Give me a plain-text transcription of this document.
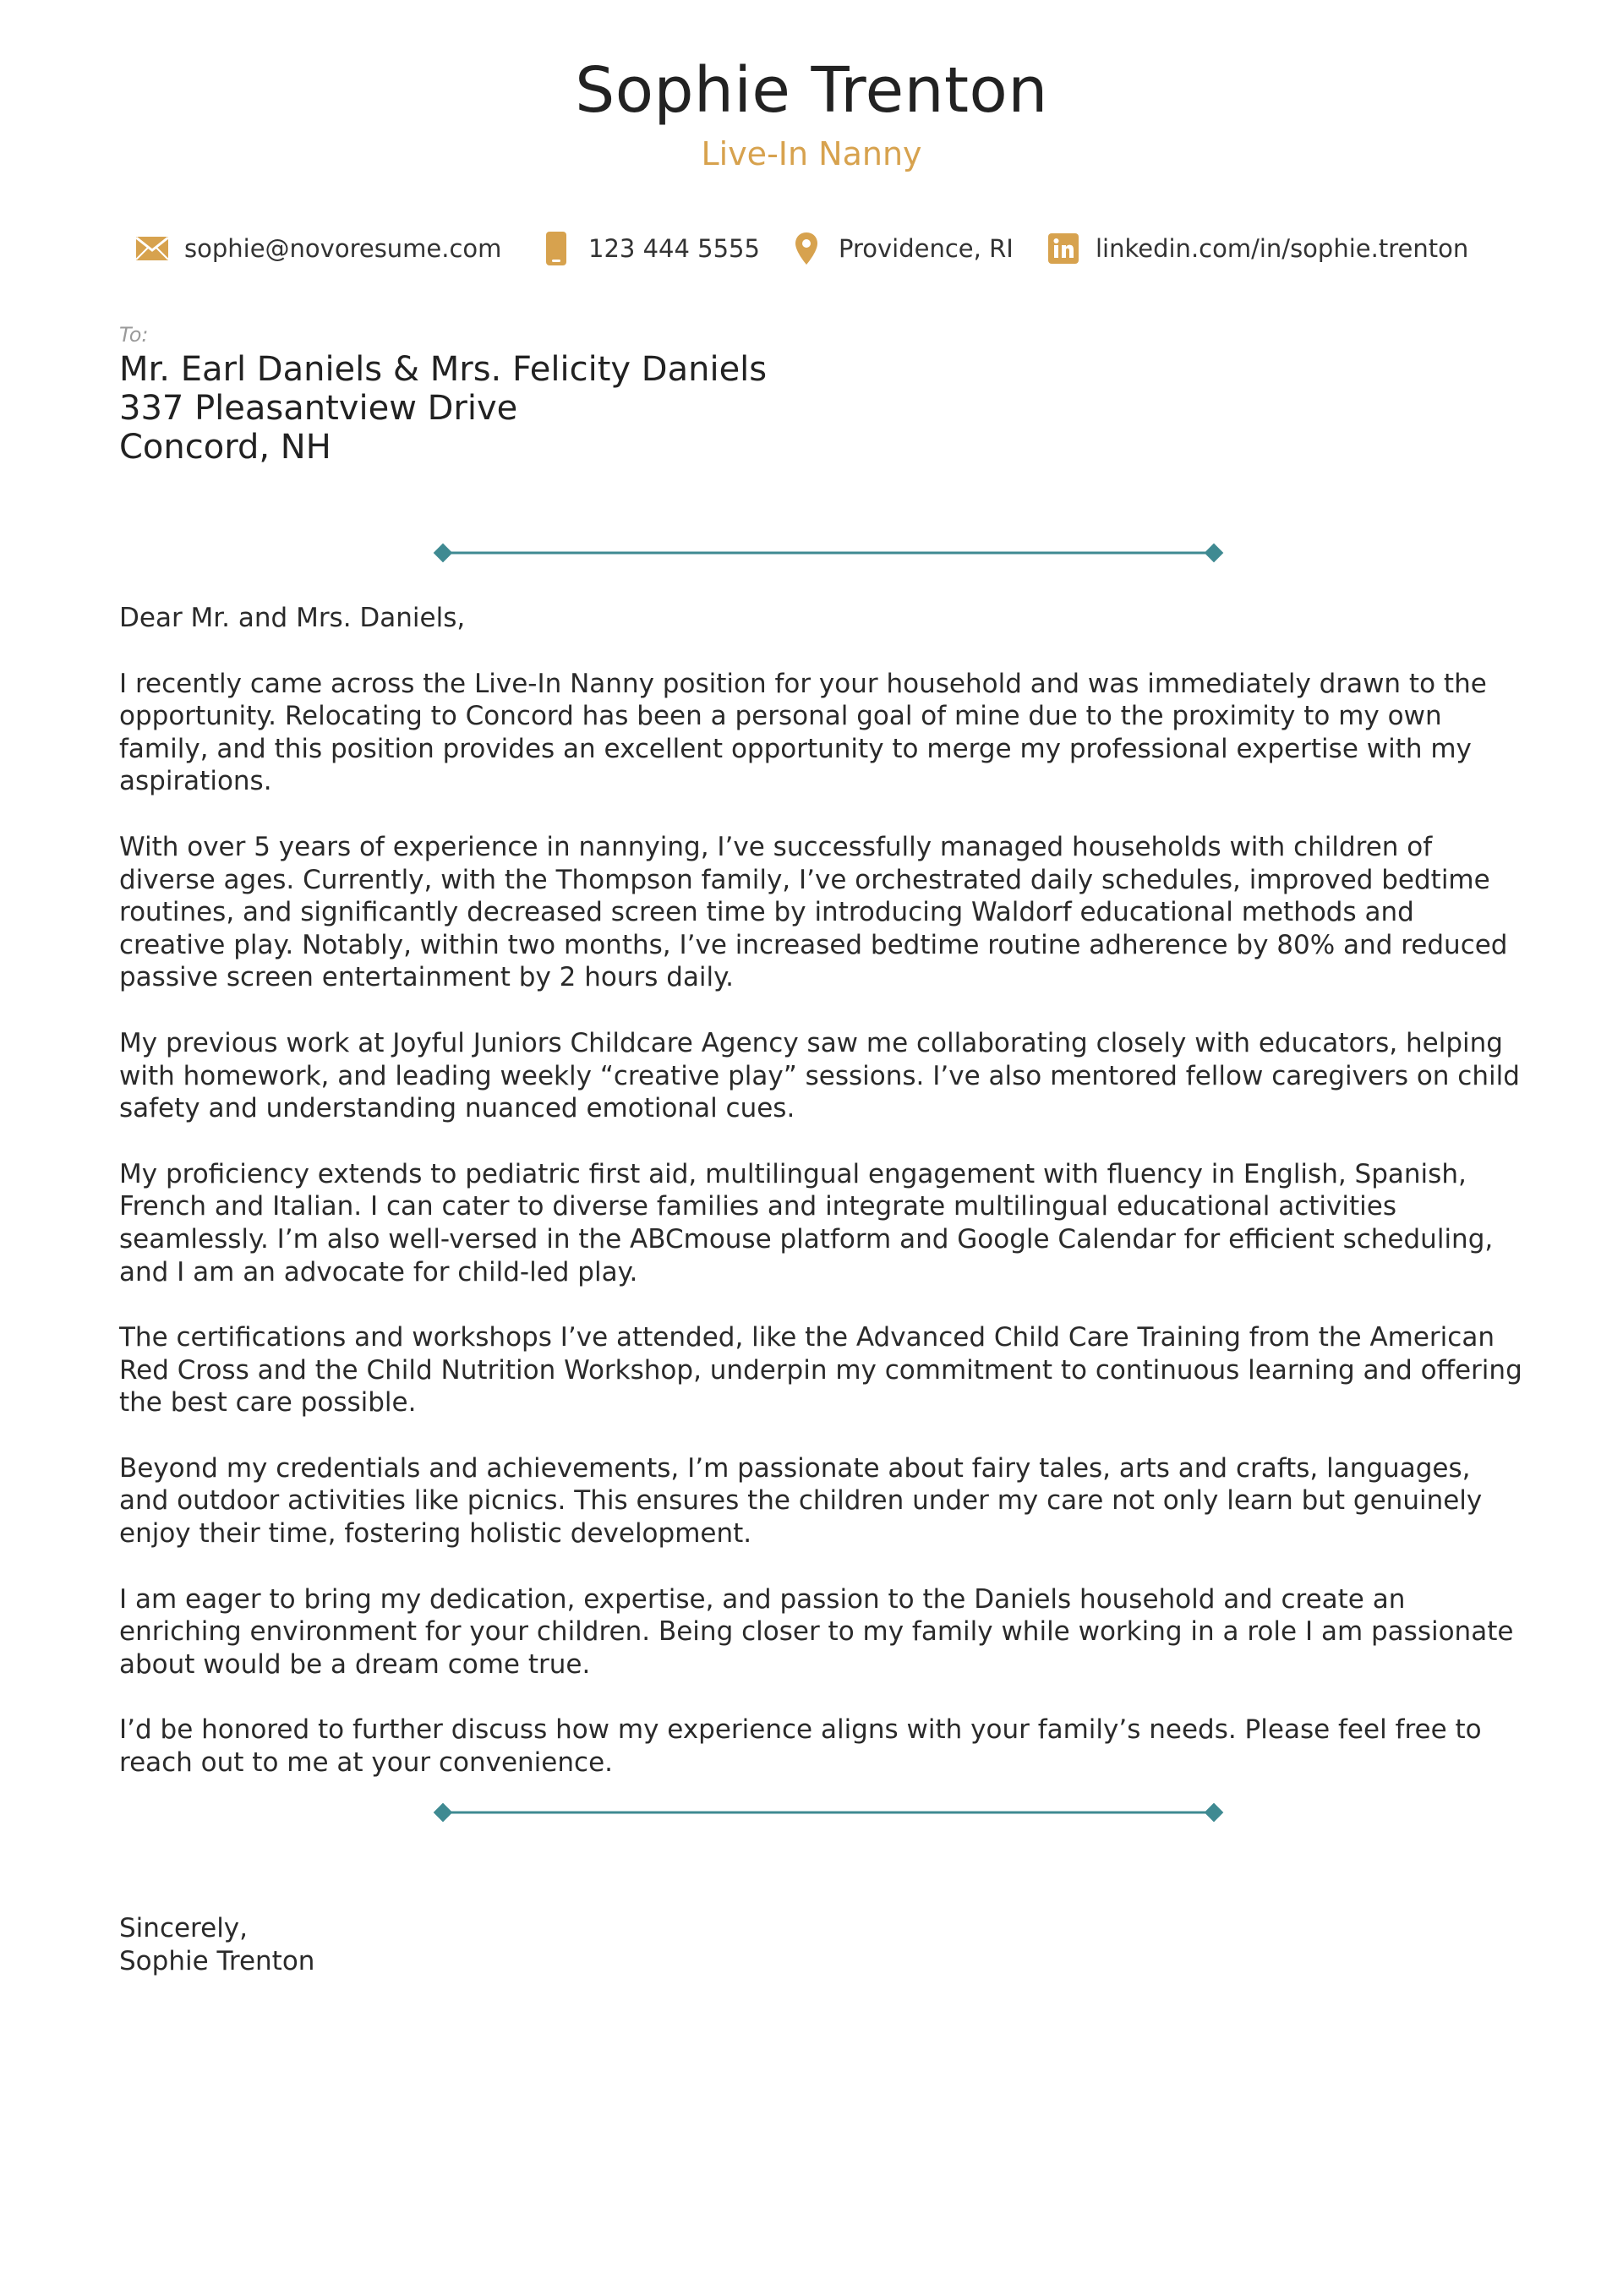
Sophie Trenton
Live-In Nanny
sophie@novoresume.com	123 444 5555	Providence, RI	linkedin.com/in/sophie.trenton
To:
Mr. Earl Daniels & Mrs. Felicity Daniels
337 Pleasantview Drive
Concord, NH

Dear Mr. and Mrs. Daniels,

I recently came across the Live-In Nanny position for your household and was immediately drawn to the opportunity. Relocating to Concord has been a personal goal of mine due to the proximity to my own family, and this position provides an excellent opportunity to merge my professional expertise with my aspirations.

With over 5 years of experience in nannying, I’ve successfully managed households with children of diverse ages. Currently, with the Thompson family, I’ve orchestrated daily schedules, improved bedtime routines, and significantly decreased screen time by introducing Waldorf educational methods and creative play. Notably, within two months, I’ve increased bedtime routine adherence by 80% and reduced passive screen entertainment by 2 hours daily.

My previous work at Joyful Juniors Childcare Agency saw me collaborating closely with educators, helping with homework, and leading weekly “creative play” sessions. I’ve also mentored fellow caregivers on child safety and understanding nuanced emotional cues.

My proficiency extends to pediatric first aid, multilingual engagement with fluency in English, Spanish, French and Italian. I can cater to diverse families and integrate multilingual educational activities seamlessly. I’m also well-versed in the ABCmouse platform and Google Calendar for efficient scheduling, and I am an advocate for child-led play.

The certifications and workshops I’ve attended, like the Advanced Child Care Training from the American Red Cross and the Child Nutrition Workshop, underpin my commitment to continuous learning and offering the best care possible.

Beyond my credentials and achievements, I’m passionate about fairy tales, arts and crafts, languages, and outdoor activities like picnics. This ensures the children under my care not only learn but genuinely enjoy their time, fostering holistic development.

I am eager to bring my dedication, expertise, and passion to the Daniels household and create an enriching environment for your children. Being closer to my family while working in a role I am passionate about would be a dream come true.

I’d be honored to further discuss how my experience aligns with your family’s needs. Please feel free to reach out to me at your convenience.

Sincerely,
Sophie Trenton
